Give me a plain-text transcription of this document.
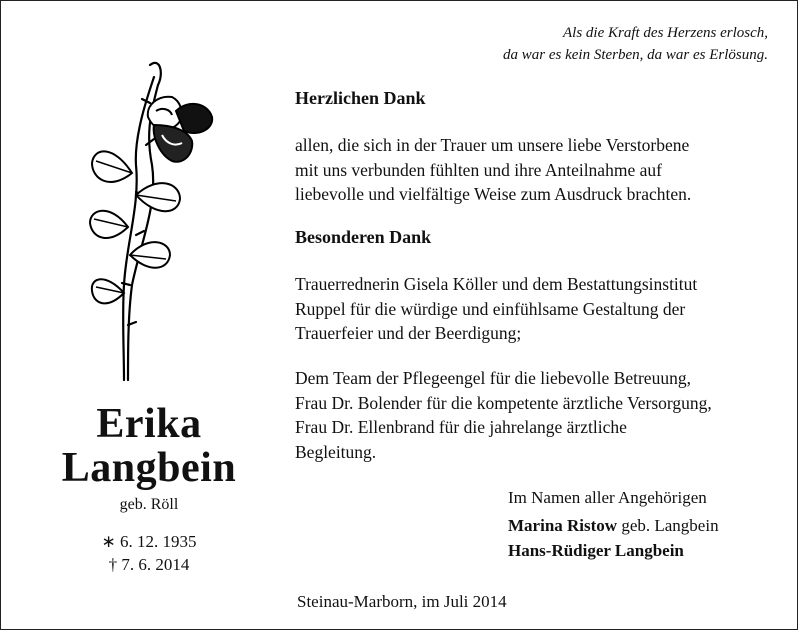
Als die Kraft des Herzens erlosch,
da war es kein Sterben, da war es Erlösung.
Erika
Langbein
geb. Röll
∗ 6. 12. 1935
† 7. 6. 2014
Herzlichen Dank
allen, die sich in der Trauer um unsere liebe Verstorbene
mit uns verbunden fühlten und ihre Anteilnahme auf
liebevolle und vielfältige Weise zum Ausdruck brachten.
Besonderen Dank
Trauerrednerin Gisela Köller und dem Bestattungsinstitut
Ruppel für die würdige und einfühlsame Gestaltung der
Trauerfeier und der Beerdigung;
Dem Team der Pflegeengel für die liebevolle Betreuung,
Frau Dr. Bolender für die kompetente ärztliche Versorgung,
Frau Dr. Ellenbrand für die jahrelange ärztliche
Begleitung.
Im Namen aller Angehörigen
Marina Ristow geb. Langbein
Hans-Rüdiger Langbein
Steinau-Marborn, im Juli 2014
